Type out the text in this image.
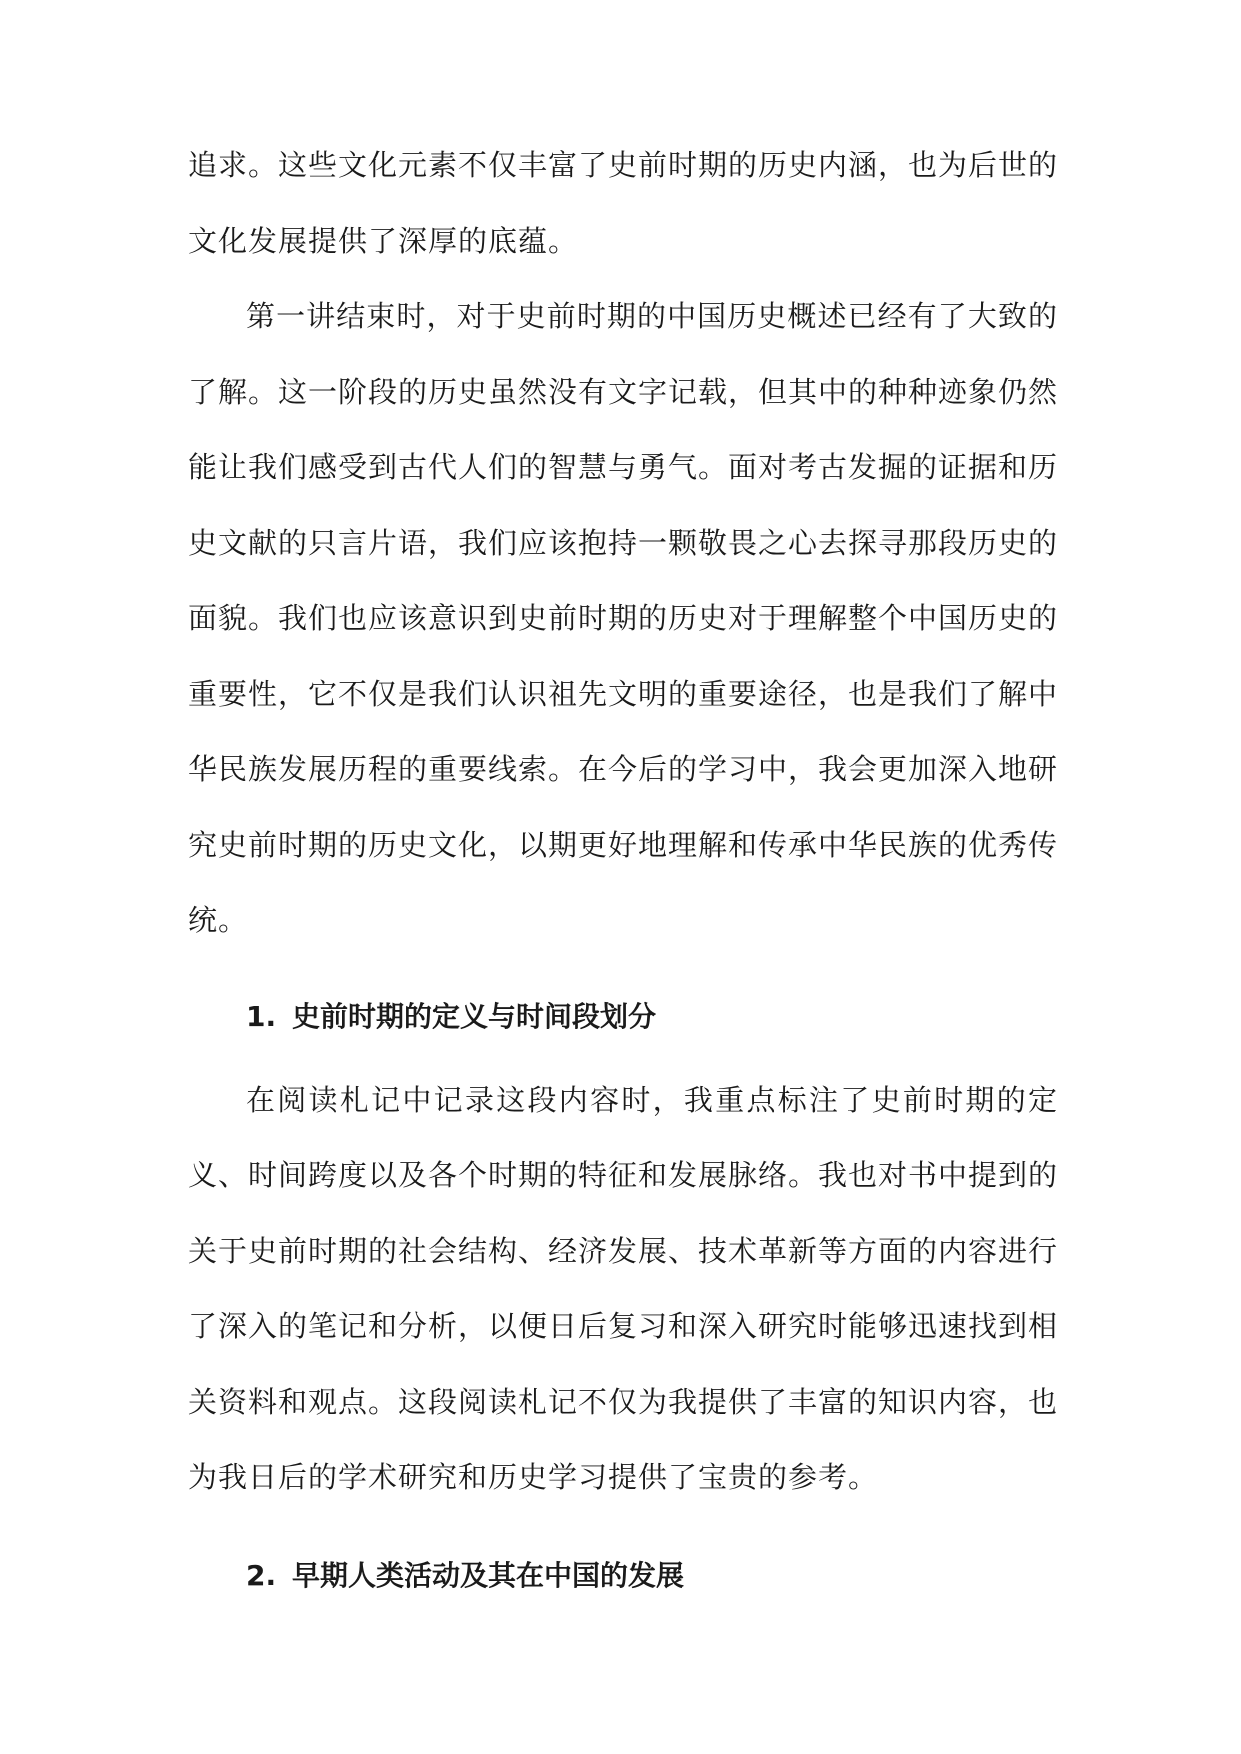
追求。这些文化元素不仅丰富了史前时期的历史内涵，也为后世的文化发展提供了深厚的底蕴。

第一讲结束时，对于史前时期的中国历史概述已经有了大致的了解。这一阶段的历史虽然没有文字记载，但其中的种种迹象仍然能让我们感受到古代人们的智慧与勇气。面对考古发掘的证据和历史文献的只言片语，我们应该抱持一颗敬畏之心去探寻那段历史的面貌。我们也应该意识到史前时期的历史对于理解整个中国历史的重要性，它不仅是我们认识祖先文明的重要途径，也是我们了解中华民族发展历程的重要线索。在今后的学习中，我会更加深入地研究史前时期的历史文化，以期更好地理解和传承中华民族的优秀传统。

1. 史前时期的定义与时间段划分

在阅读札记中记录这段内容时，我重点标注了史前时期的定义、时间跨度以及各个时期的特征和发展脉络。我也对书中提到的关于史前时期的社会结构、经济发展、技术革新等方面的内容进行了深入的笔记和分析，以便日后复习和深入研究时能够迅速找到相关资料和观点。这段阅读札记不仅为我提供了丰富的知识内容，也为我日后的学术研究和历史学习提供了宝贵的参考。

2. 早期人类活动及其在中国的发展
